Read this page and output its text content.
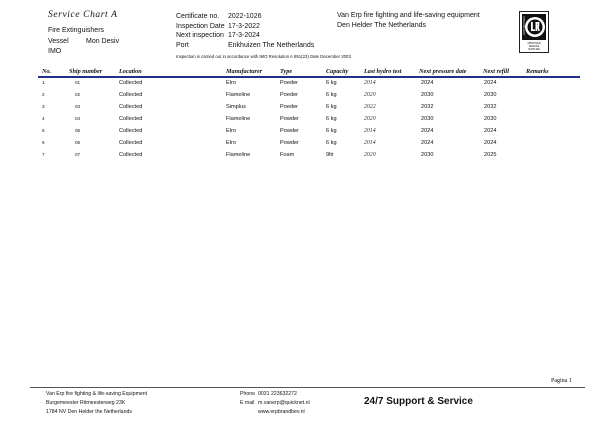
Service Chart A
Fire Extinguishers
Vessel Mon Desiv
IMO
Certificate no. 2022-1026
Inspection Date 17-3-2022
Next inspection 17-3-2024
Port	Enkhuizen The Netherlands
Inspection is carried out in accordance with IMO Resolution A.951(23) Date December 2003
Van Erp fire fighting and life-saving equipment
Den Helder The Netherlands	APPROVED
APPROVED SERVICE SUPPLIER
No.	Ship number	Location	Manufacturer	Type	Capacity	Last hydro test	Next pressure date	Next refill	Remarks
1	01	Collected	Elro	Poeder	6 kg	2014	2024	2024
2	02	Collected	Flameline	Poeder	6 kg	2020	2030	2030
3	03	Collected	Simplus	Poeder	6 kg	2022	2032	2032
4	04	Collected	Flameline	Powder	6 kg	2020	2030	2030
5	05	Collected	Elro	Powder	6 kg	2014	2024	2024
6	06	Collected	Elro	Powder	6 kg	2014	2024	2024
7	07	Collected	Flameline	Foam	9ltr	2020	2030	2025
Pagina 1
Van Erp fire fighting & life-saving Equipment
Burgemeester Ritmeesterweg 23K
1784 NV Den Helder the Netherlands
Phone 0031 223632272
E mail m.vanerp@quicknet.nl
www.erpbrandbev.nl
24/7 Support & Service
